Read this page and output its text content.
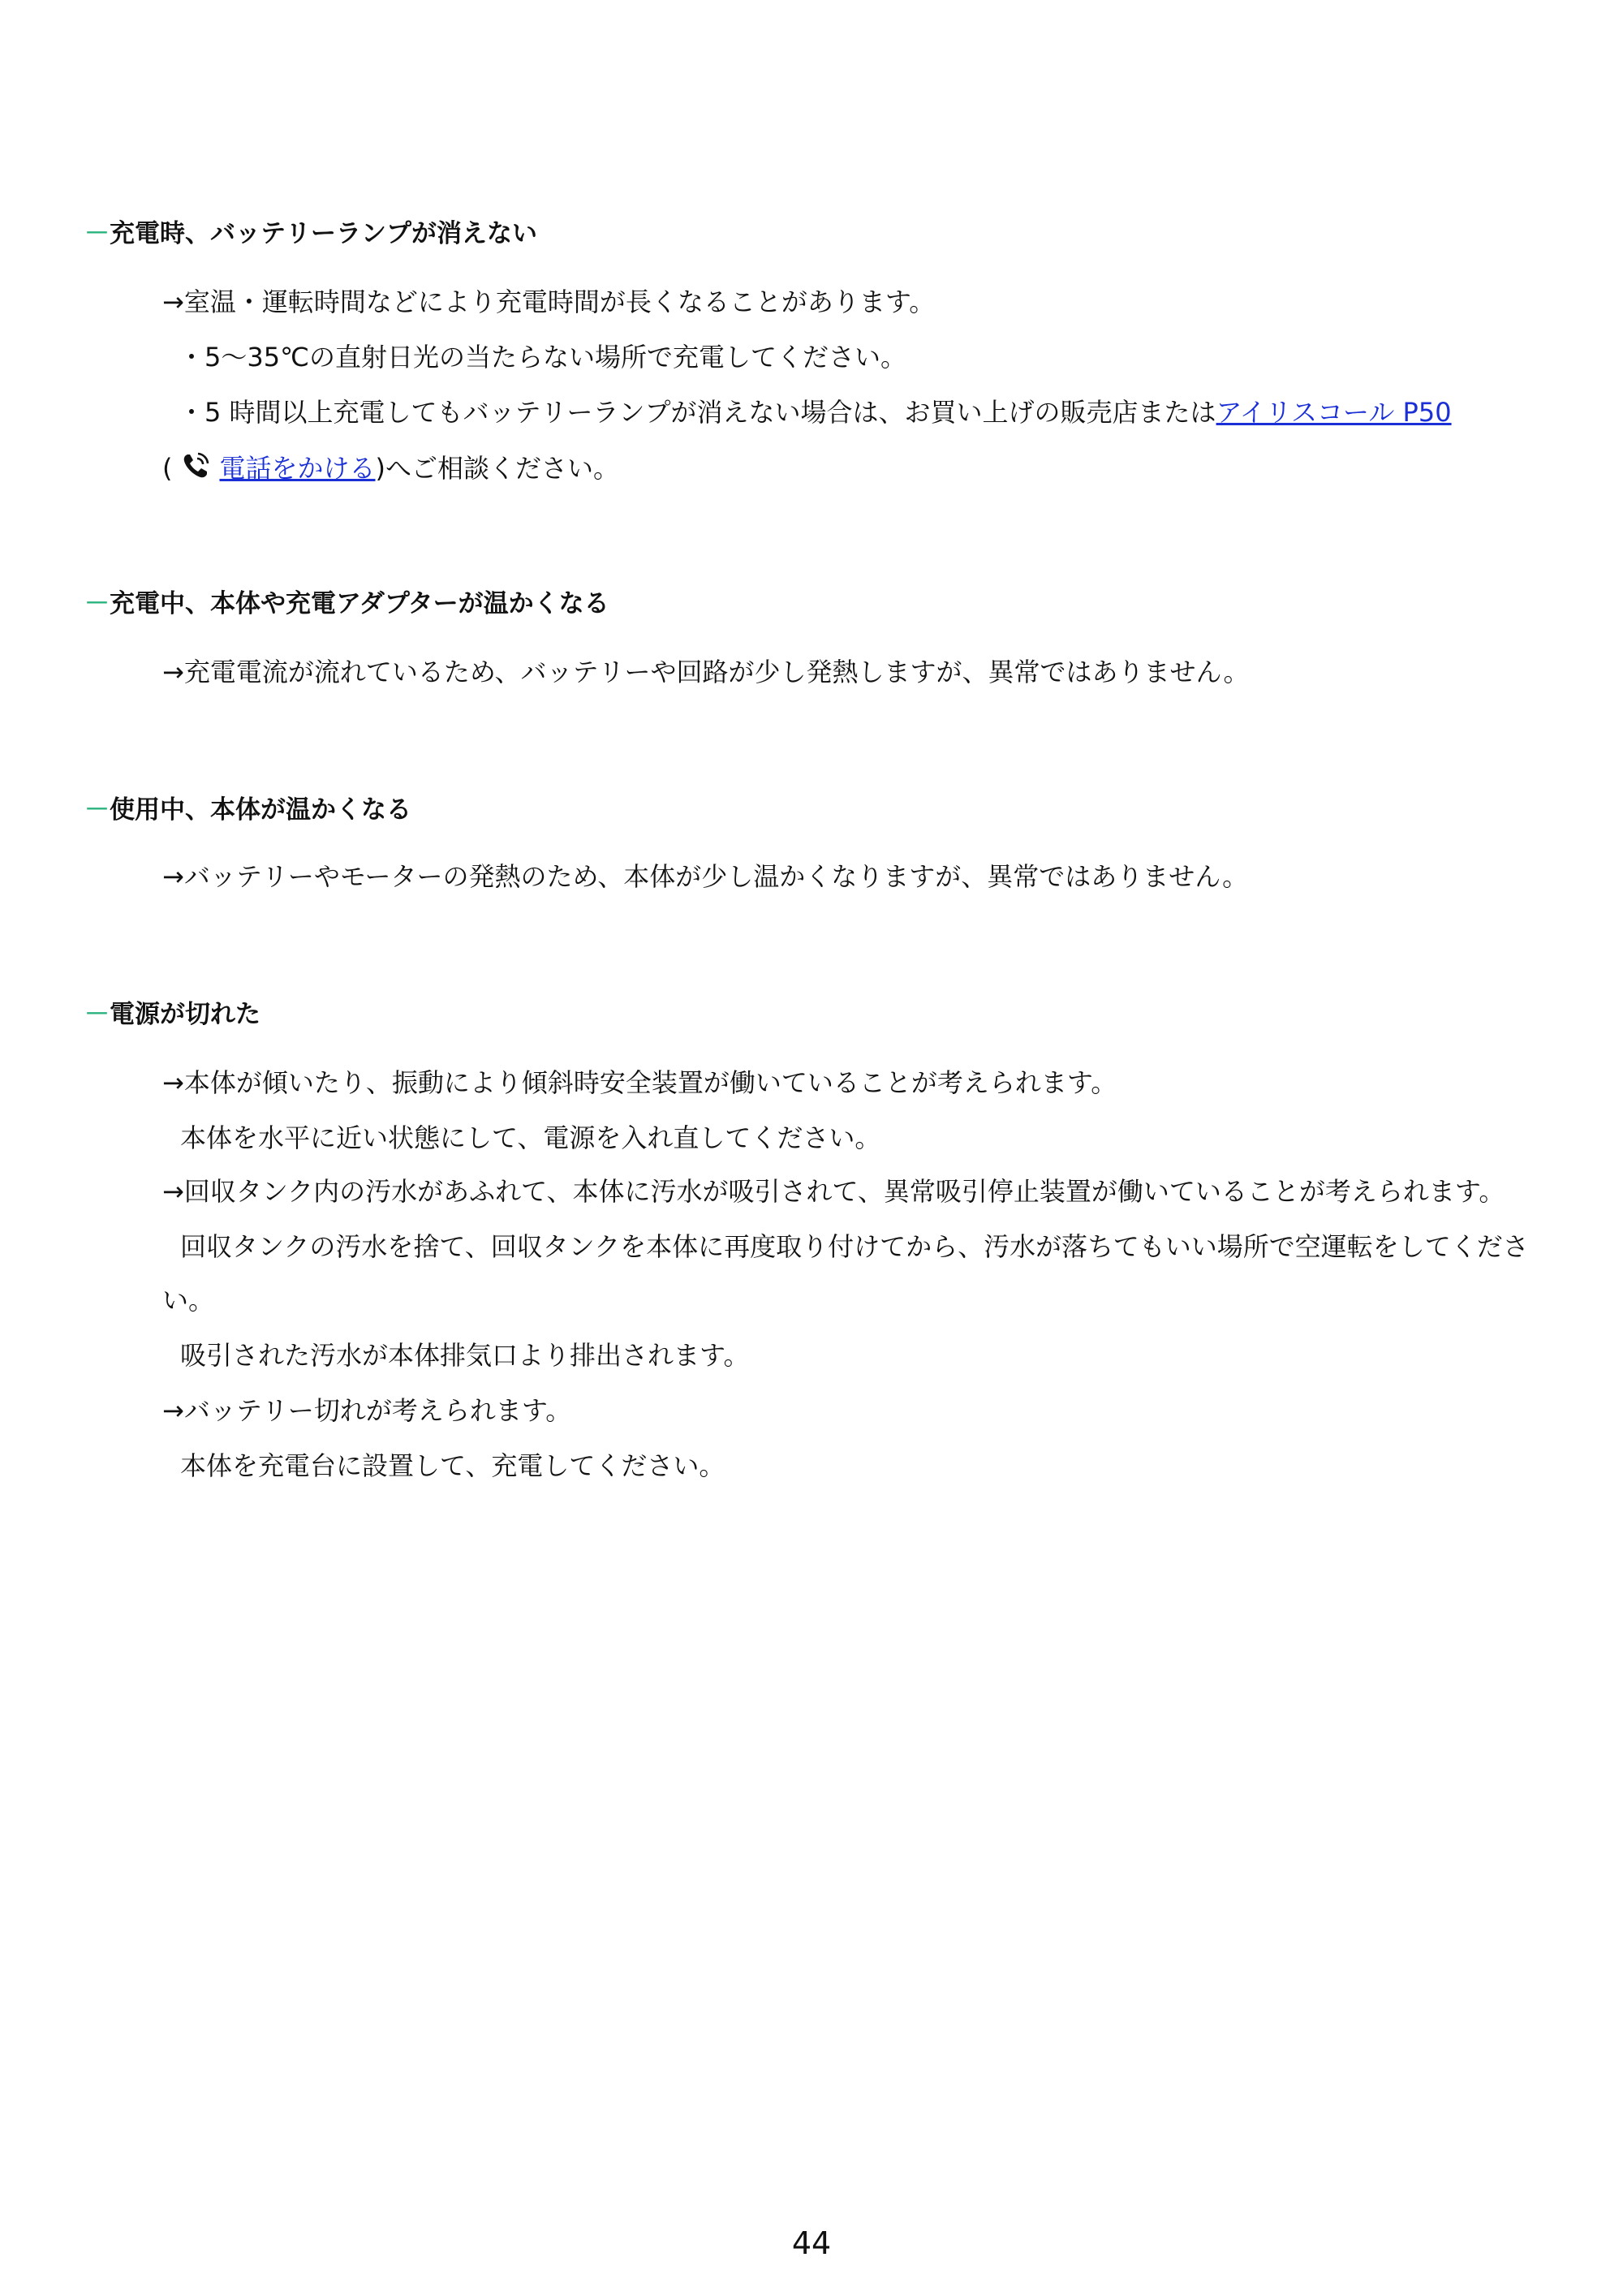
－充電時、バッテリーランプが消えない
→室温・運転時間などにより充電時間が長くなることがあります。
・5～35℃の直射日光の当たらない場所で充電してください。
・5 時間以上充電してもバッテリーランプが消えない場合は、お買い上げの販売店またはアイリスコール P50
( 電話をかける)へご相談ください。
－充電中、本体や充電アダプターが温かくなる
→充電電流が流れているため、バッテリーや回路が少し発熱しますが、異常ではありません。
－使用中、本体が温かくなる
→バッテリーやモーターの発熱のため、本体が少し温かくなりますが、異常ではありません。
－電源が切れた
→本体が傾いたり、振動により傾斜時安全装置が働いていることが考えられます。
本体を水平に近い状態にして、電源を入れ直してください。
→回収タンク内の汚水があふれて、本体に汚水が吸引されて、異常吸引停止装置が働いていることが考えられます。
回収タンクの汚水を捨て、回収タンクを本体に再度取り付けてから、汚水が落ちてもいい場所で空運転をしてくださ
い。
吸引された汚水が本体排気口より排出されます。
→バッテリー切れが考えられます。
本体を充電台に設置して、充電してください。
44
